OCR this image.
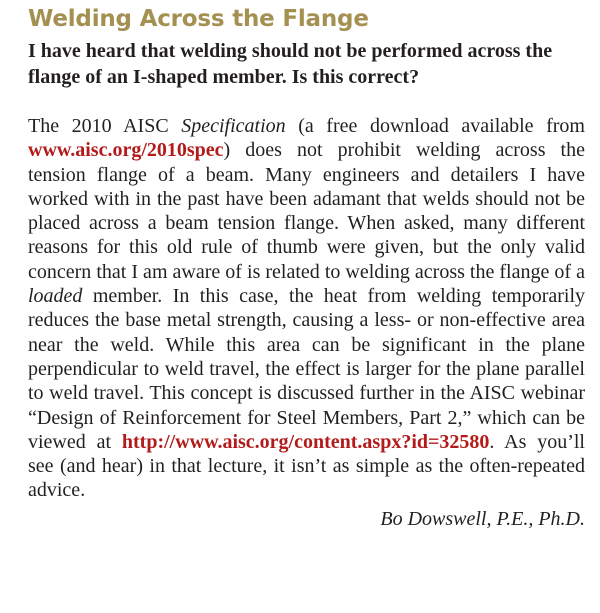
Welding Across the Flange

I have heard that welding should not be performed across the flange of an I-shaped member. Is this correct?

The 2010 AISC Specification (a free download available from www.aisc.org/2010spec) does not prohibit welding across the tension flange of a beam. Many engineers and detailers I have worked with in the past have been adamant that welds should not be placed across a beam tension flange. When asked, many different reasons for this old rule of thumb were given, but the only valid concern that I am aware of is related to welding across the flange of a loaded member. In this case, the heat from welding temporarily reduces the base metal strength, causing a less- or non-effective area near the weld. While this area can be significant in the plane perpendicular to weld travel, the effect is larger for the plane parallel to weld travel. This concept is discussed further in the AISC webinar “Design of Reinforcement for Steel Members, Part 2,” which can be viewed at http://www.aisc.org/content.aspx?id=32580. As you’ll see (and hear) in that lecture, it isn’t as simple as the often-repeated advice.

Bo Dowswell, P.E., Ph.D.
